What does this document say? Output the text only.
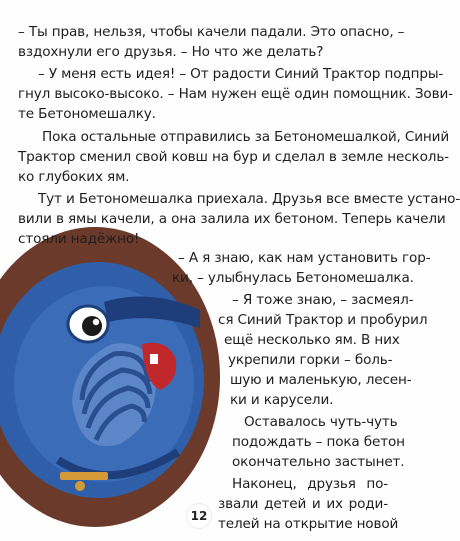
– Ты прав, нельзя, чтобы качели падали. Это опасно, –
вздохнули его друзья. – Но что же делать?
– У меня есть идея! – От радости Синий Трактор подпры-
гнул высоко-высоко. – Нам нужен ещё один помощник. Зови-
те Бетономешалку.
Пока остальные отправились за Бетономешалкой, Синий
Трактор сменил свой ковш на бур и сделал в земле несколь-
ко глубоких ям.
Тут и Бетономешалка приехала. Друзья все вместе устано-
вили в ямы качели, а она залила их бетоном. Теперь качели
стояли надёжно!
– А я знаю, как нам установить гор-
ки, – улыбнулась Бетономешалка.
– Я тоже знаю, – засмеял-
ся Синий Трактор и пробурил
ещё несколько ям. В них
укрепили горки – боль-
шую и маленькую, лесен-
ки и карусели.
Оставалось чуть-чуть
подождать – пока бетон
окончательно застынет.
Наконец, друзья по-
звали детей и их роди-
телей на открытие новой
12
